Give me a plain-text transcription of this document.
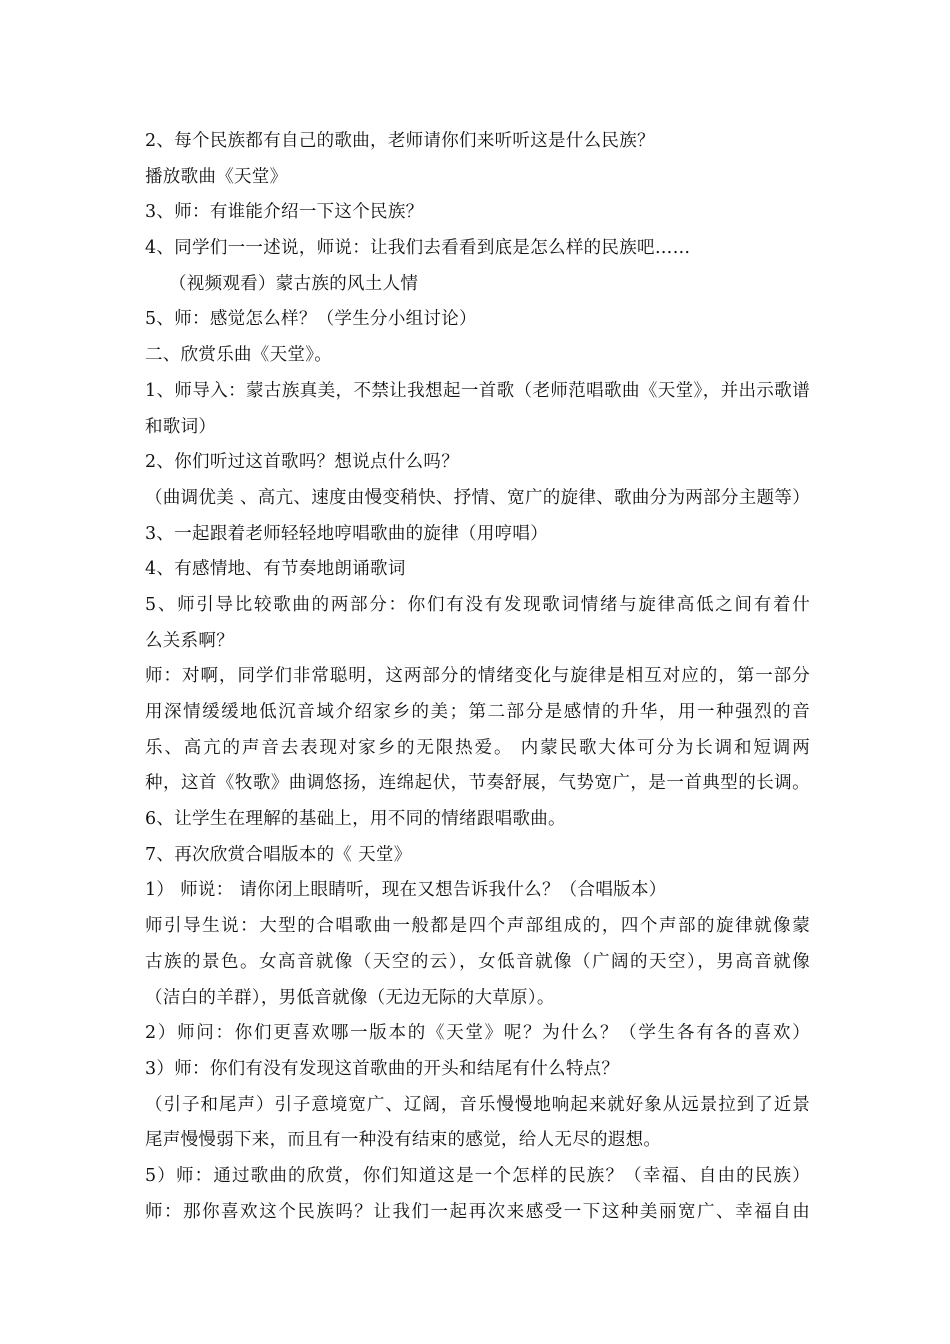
2、每个民族都有自己的歌曲，老师请你们来听听这是什么民族？
播放歌曲《天堂》
3、师：有谁能介绍一下这个民族？
4、同学们一一述说，师说：让我们去看看到底是怎么样的民族吧……
（视频观看）蒙古族的风土人情
5、师：感觉怎么样？（学生分小组讨论）
二、欣赏乐曲《天堂》。
1、师导入：蒙古族真美，不禁让我想起一首歌（老师范唱歌曲《天堂》，并出示歌谱
和歌词）
2、你们听过这首歌吗？想说点什么吗？
（曲调优美 、高亢、速度由慢变稍快、抒情、宽广的旋律、歌曲分为两部分主题等）
3、一起跟着老师轻轻地哼唱歌曲的旋律（用哼唱）
4、有感情地、有节奏地朗诵歌词
5、师引导比较歌曲的两部分：你们有没有发现歌词情绪与旋律高低之间有着什
么关系啊？
师：对啊，同学们非常聪明，这两部分的情绪变化与旋律是相互对应的，第一部分
用深情缓缓地低沉音域介绍家乡的美；第二部分是感情的升华，用一种强烈的音
乐、高亢的声音去表现对家乡的无限热爱。 内蒙民歌大体可分为长调和短调两
种，这首《牧歌》曲调悠扬，连绵起伏，节奏舒展，气势宽广，是一首典型的长调。
6、让学生在理解的基础上，用不同的情绪跟唱歌曲。
7、再次欣赏合唱版本的《 天堂》
1） 师说： 请你闭上眼睛听，现在又想告诉我什么？（合唱版本）
师引导生说：大型的合唱歌曲一般都是四个声部组成的，四个声部的旋律就像蒙
古族的景色。女高音就像（天空的云），女低音就像（广阔的天空），男高音就像
（洁白的羊群），男低音就像（无边无际的大草原）。
2）师问：你们更喜欢哪一版本的《天堂》呢？为什么？（学生各有各的喜欢）
3）师：你们有没有发现这首歌曲的开头和结尾有什么特点？
（引子和尾声）引子意境宽广、辽阔，音乐慢慢地响起来就好象从远景拉到了近景
尾声慢慢弱下来，而且有一种没有结束的感觉，给人无尽的遐想。
5）师：通过歌曲的欣赏，你们知道这是一个怎样的民族？（幸福、自由的民族）
师：那你喜欢这个民族吗？让我们一起再次来感受一下这种美丽宽广、幸福自由
